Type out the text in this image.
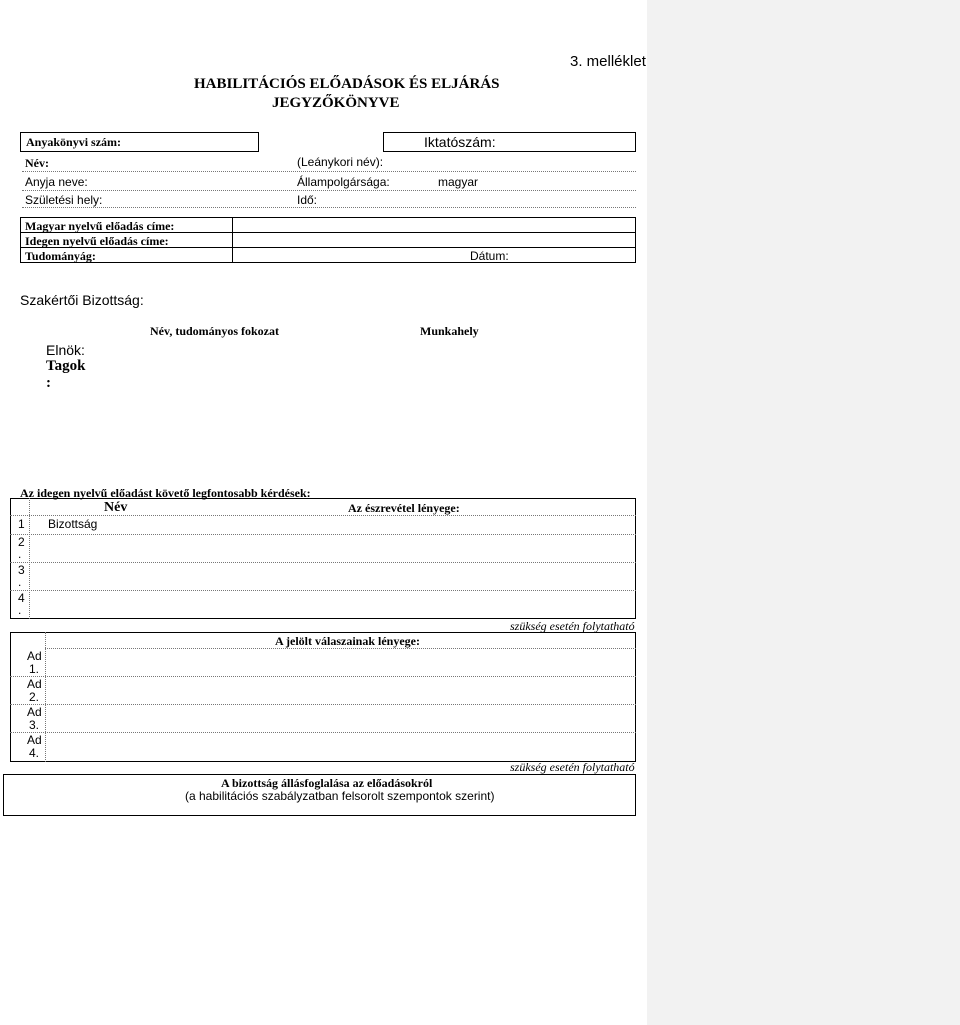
3. melléklet
HABILITÁCIÓS ELŐADÁSOK ÉS ELJÁRÁS
JEGYZŐKÖNYVE
Anyakönyvi szám:	Iktatószám:
Név:	(Leánykori név):
Anyja neve:	Állampolgársága:	magyar
Születési hely:	Idő:
Magyar nyelvű előadás címe:
Idegen nyelvű előadás címe:
Tudományág:	Dátum:
Szakértői Bizottság:
Név, tudományos fokozat	Munkahely
Elnök:
Tagok
:
Az idegen nyelvű előadást követő legfontosabb kérdések:
Név	Az észrevétel lényege:
1 Bizottság
2
.
3
.
4
.
szükség esetén folytatható
A jelölt válaszainak lényege:
Ad
1.
Ad
2.
Ad
3.
Ad
4.
szükség esetén folytatható
A bizottság állásfoglalása az előadásokról
(a habilitációs szabályzatban felsorolt szempontok szerint)
